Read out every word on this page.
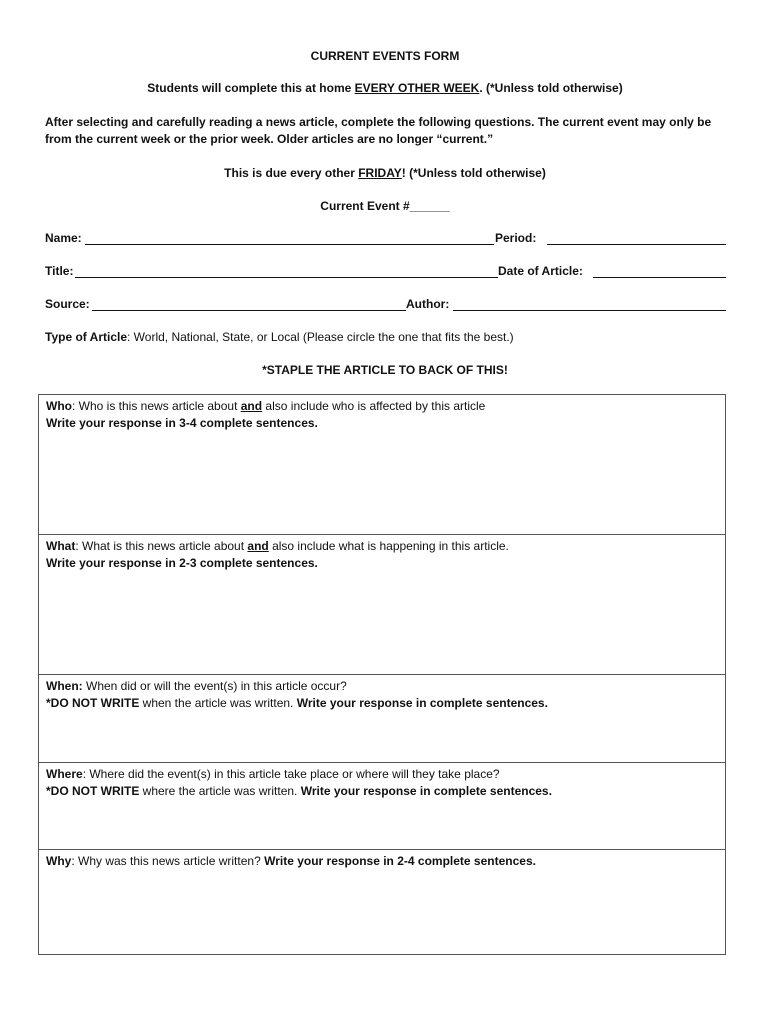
CURRENT EVENTS FORM
Students will complete this at home EVERY OTHER WEEK. (*Unless told otherwise)
After selecting and carefully reading a news article, complete the following questions. The current event may only be
from the current week or the prior week. Older articles are no longer “current.”
This is due every other FRIDAY! (*Unless told otherwise)
Current Event #______
Name:	Period:
Title:	Date of Article:
Source:	Author:
Type of Article: World, National, State, or Local (Please circle the one that fits the best.)
*STAPLE THE ARTICLE TO BACK OF THIS!
Who: Who is this news article about and also include who is affected by this article
Write your response in 3-4 complete sentences.

What: What is this news article about and also include what is happening in this article.
Write your response in 2-3 complete sentences.

When: When did or will the event(s) in this article occur?
*DO NOT WRITE when the article was written. Write your response in complete sentences.

Where: Where did the event(s) in this article take place or where will they take place?
*DO NOT WRITE where the article was written. Write your response in complete sentences.

Why: Why was this news article written? Write your response in 2-4 complete sentences.
